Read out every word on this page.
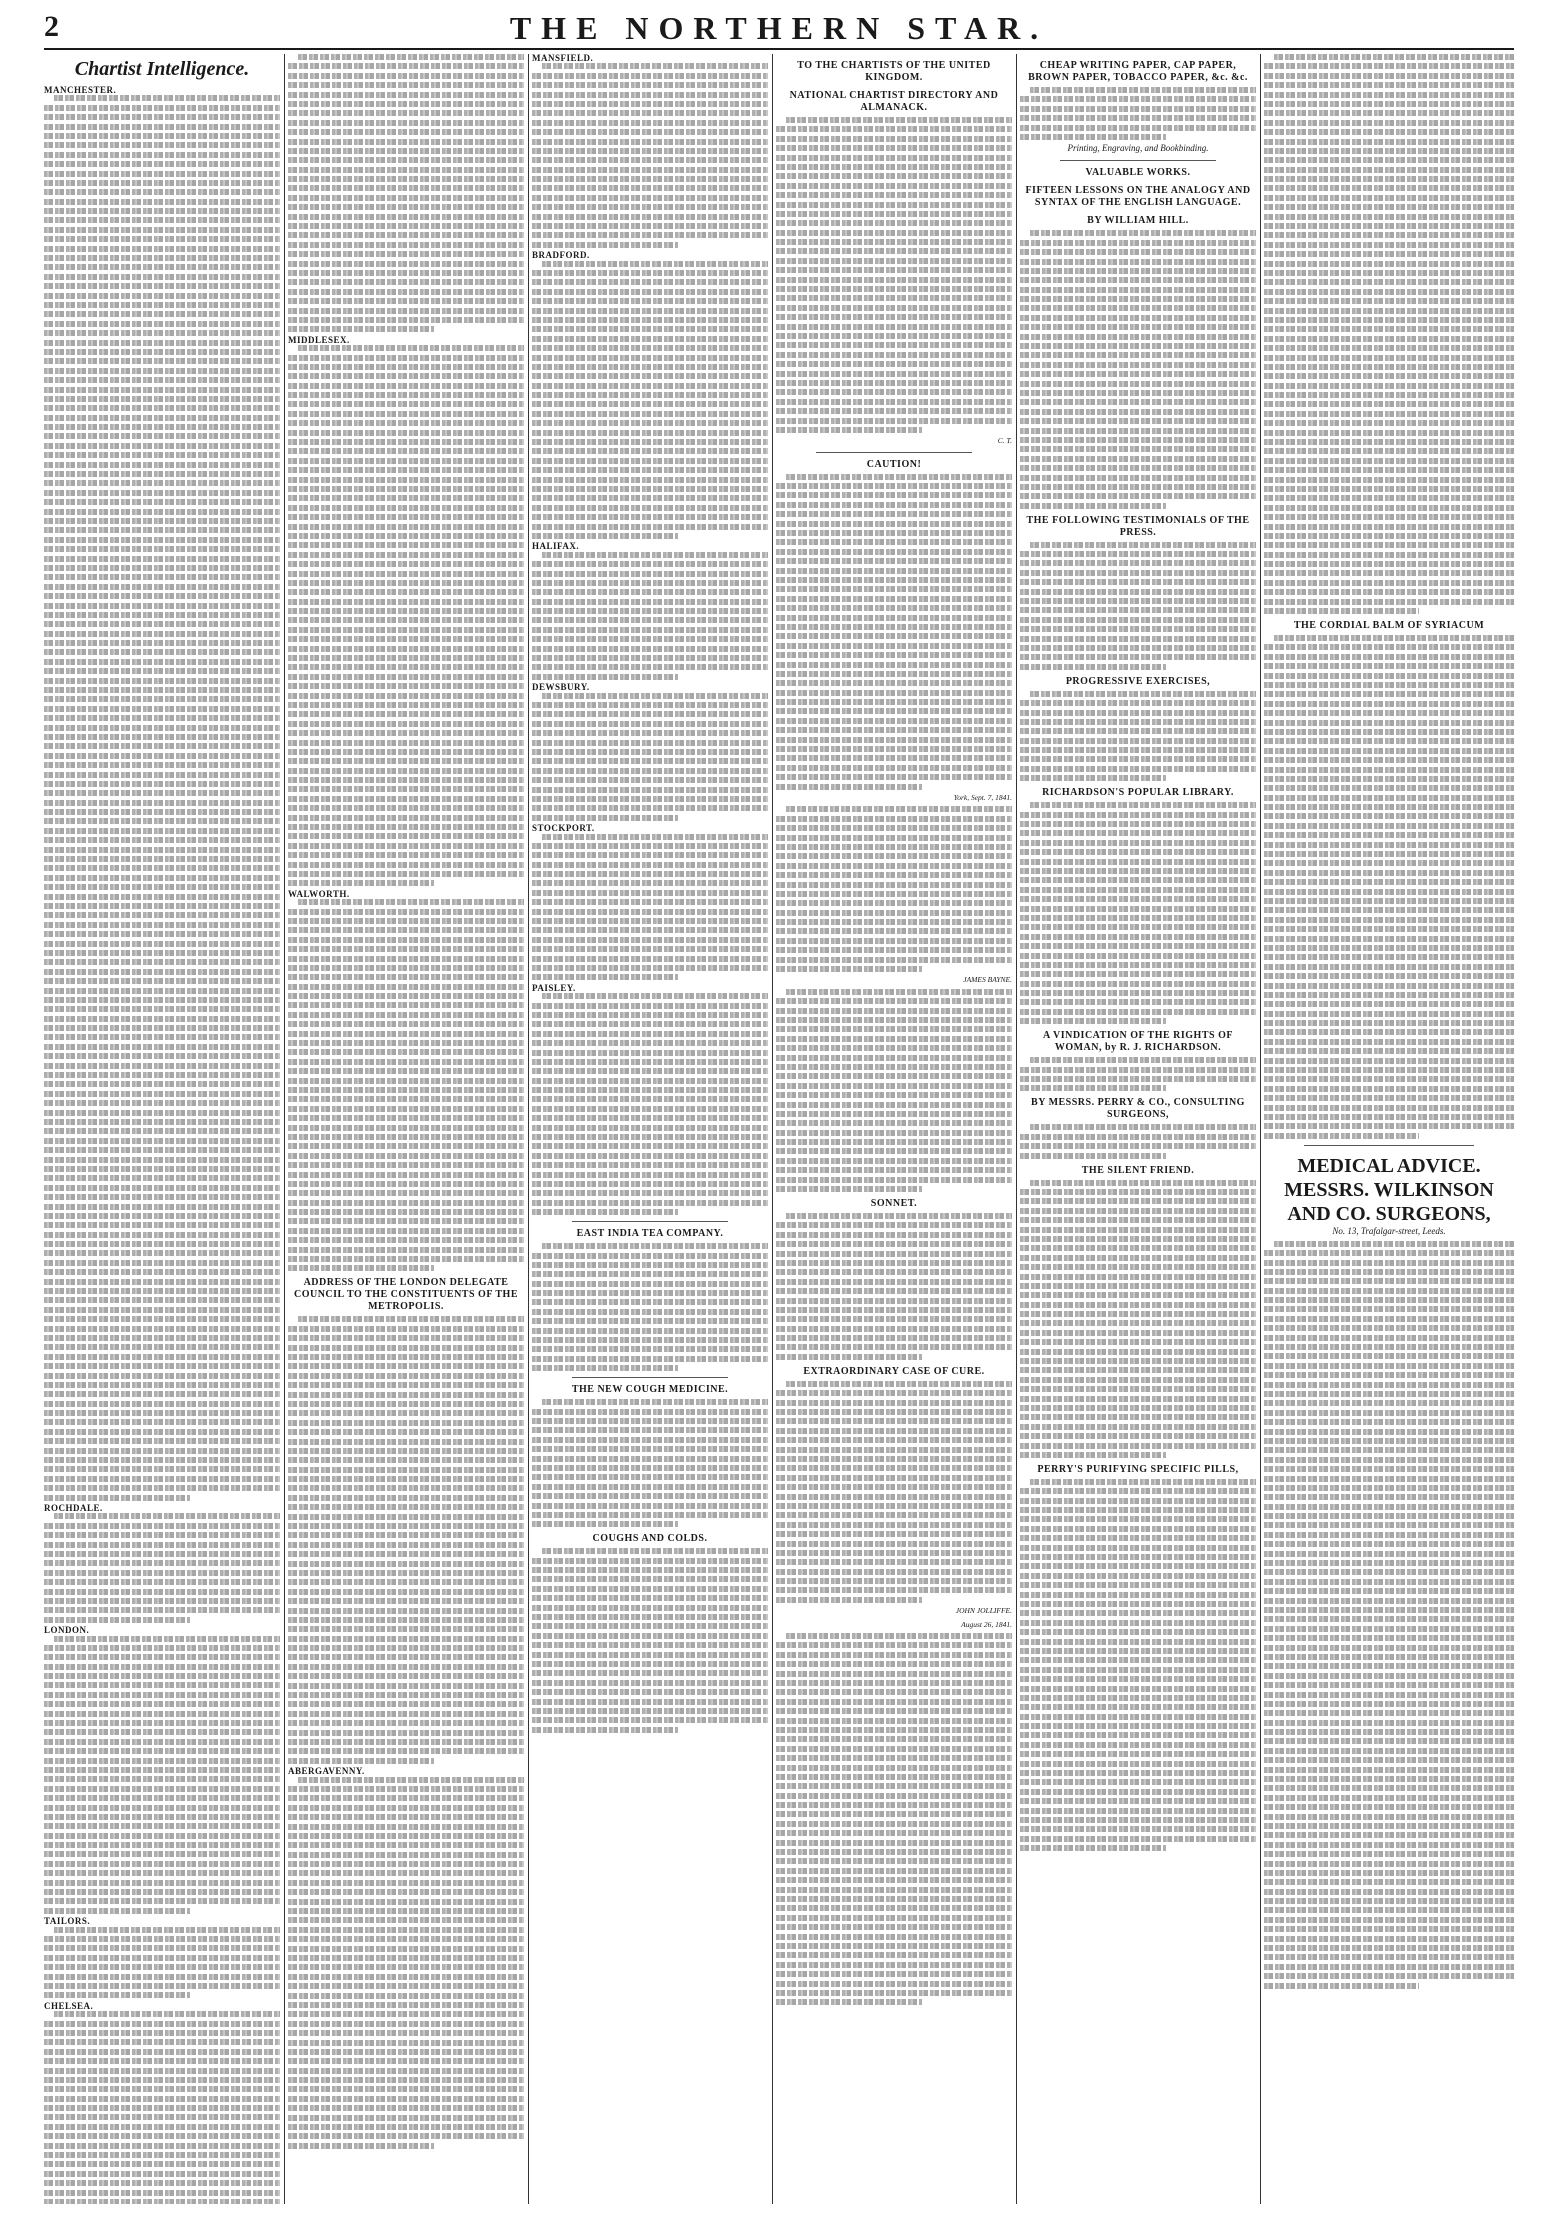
2	THE NORTHERN STAR.
Chartist Intelligence.
MANCHESTER.
ROCHDALE.
LONDON.
TAILORS.
CHELSEA.
MIDDLESEX.
WALWORTH.
ADDRESS OF THE LONDON DELEGATE COUNCIL TO THE CONSTITUENTS OF THE METROPOLIS.
ABERGAVENNY.
MANSFIELD.
BRADFORD.
HALIFAX.
DEWSBURY.
STOCKPORT.
PAISLEY.
EAST INDIA TEA COMPANY.
THE NEW COUGH MEDICINE.
COUGHS AND COLDS.
TO THE CHARTISTS OF THE UNITED KINGDOM.
NATIONAL CHARTIST DIRECTORY AND ALMANACK.
C. T.
CAUTION!
York, Sept. 7, 1841.
JAMES BAYNE.
SONNET.
EXTRAORDINARY CASE OF CURE.
JOHN JOLLIFFE.
August 26, 1841.
CHEAP WRITING PAPER, CAP PAPER, BROWN PAPER, TOBACCO PAPER, &c. &c.
Printing, Engraving, and Bookbinding.
VALUABLE WORKS.
FIFTEEN LESSONS ON THE ANALOGY AND SYNTAX OF THE ENGLISH LANGUAGE.
BY WILLIAM HILL.
THE FOLLOWING TESTIMONIALS OF THE PRESS.
PROGRESSIVE EXERCISES,
RICHARDSON'S POPULAR LIBRARY.
A VINDICATION OF THE RIGHTS OF WOMAN, by R. J. RICHARDSON.
BY MESSRS. PERRY & CO., CONSULTING SURGEONS,
THE SILENT FRIEND.
PERRY'S PURIFYING SPECIFIC PILLS,
THE CORDIAL BALM OF SYRIACUM
MEDICAL ADVICE. MESSRS. WILKINSON AND CO. SURGEONS,
No. 13, Trafalgar-street, Leeds.
